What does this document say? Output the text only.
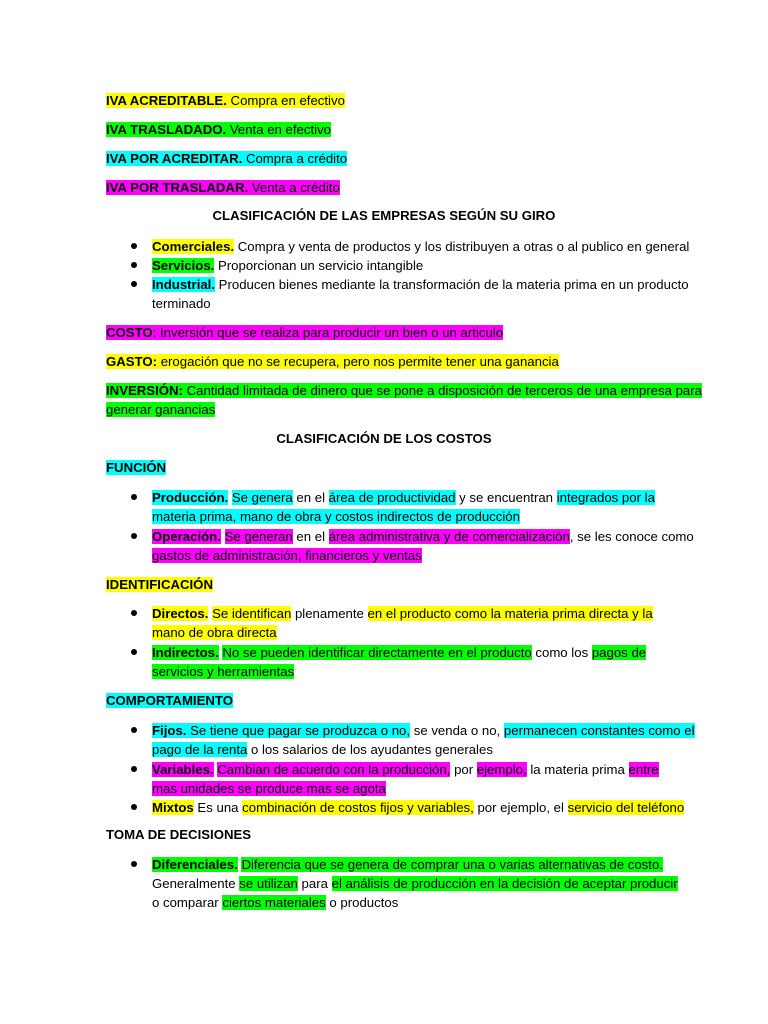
IVA ACREDITABLE. Compra en efectivo
IVA TRASLADADO. Venta en efectivo
IVA POR ACREDITAR. Compra a crédito
IVA POR TRASLADAR. Venta a crédito
CLASIFICACIÓN DE LAS EMPRESAS SEGÚN SU GIRO
Comerciales. Compra y venta de productos y los distribuyen a otras o al publico en general
Servicios. Proporcionan un servicio intangible
Industrial. Producen bienes mediante la transformación de la materia prima en un producto
terminado
COSTO: Inversión que se realiza para producir un bien o un articulo
GASTO: erogación que no se recupera, pero nos permite tener una ganancia
INVERSIÓN: Cantidad limitada de dinero que se pone a disposición de terceros de una empresa para
generar ganancias
CLASIFICACIÓN DE LOS COSTOS
FUNCIÓN
Producción. Se genera en el área de productividad y se encuentran integrados por la
materia prima, mano de obra y costos indirectos de producción
Operación. Se generan en el área administrativa y de comercialización, se les conoce como
gastos de administración, financieros y ventas
IDENTIFICACIÓN
Directos. Se identifican plenamente en el producto como la materia prima directa y la
mano de obra directa
Indirectos. No se pueden identificar directamente en el producto como los pagos de
servicios y herramientas
COMPORTAMIENTO
Fijos. Se tiene que pagar se produzca o no, se venda o no, permanecen constantes como el
pago de la renta o los salarios de los ayudantes generales
Variables. Cambian de acuerdo con la producción, por ejemplo, la materia prima entre
mas unidades se produce mas se agota
Mixtos Es una combinación de costos fijos y variables, por ejemplo, el servicio del teléfono
TOMA DE DECISIONES
Diferenciales. Diferencia que se genera de comprar una o varias alternativas de costo.
Generalmente se utilizan para el análisis de producción en la decisión de aceptar producir
o comparar ciertos materiales o productos
